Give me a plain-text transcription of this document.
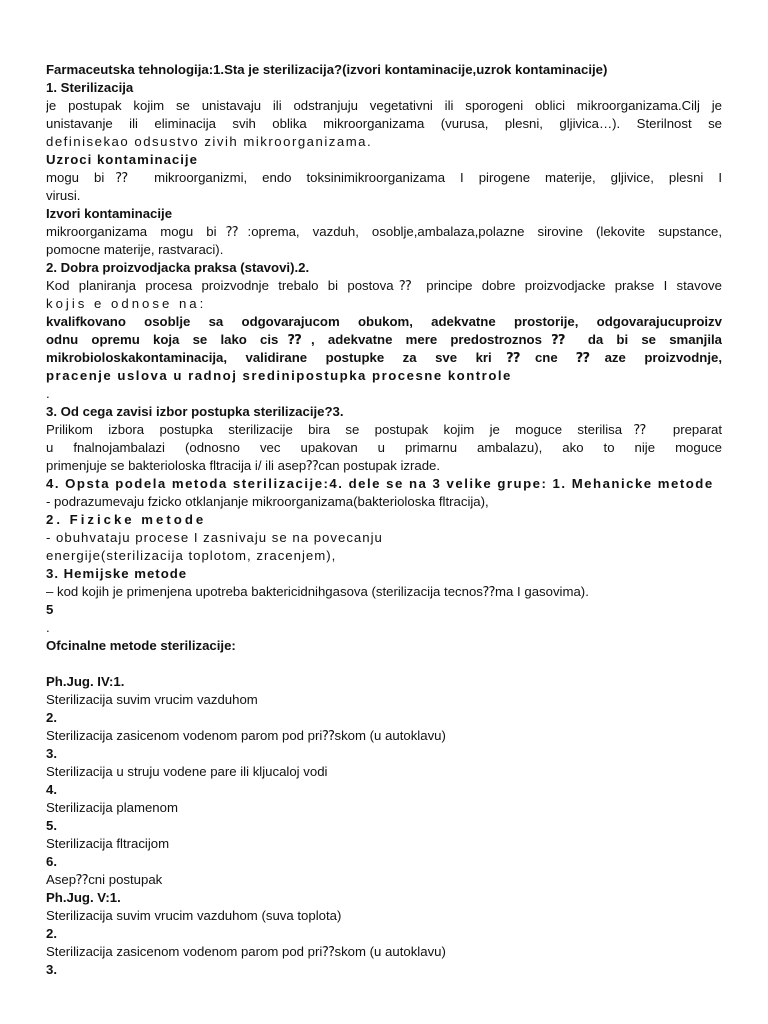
Farmaceutska tehnologija:1.Sta je sterilizacija?(izvori kontaminacije,uzrok kontaminacije)
1. Sterilizacija
je postupak kojim se unistavaju ili odstranjuju vegetativni ili sporogeni oblici mikroorganizama.Cilj je
unistavanje ili eliminacija svih oblika mikroorganizama (vurusa, plesni, gljivica…). Sterilnost se
definisekao odsustvo zivih mikroorganizama.
Uzroci kontaminacije
mogu bi⁇ mikroorganizmi, endo toksinimikroorganizama I pirogene materije, gljivice, plesni I
virusi.
Izvori kontaminacije
mikroorganizama mogu bi⁇:oprema, vazduh, osoblje,ambalaza,polazne sirovine (lekovite supstance,
pomocne materije, rastvaraci).
2. Dobra proizvodjacka praksa (stavovi).2.
Kod planiranja procesa proizvodnje trebalo bi postova⁇ principe dobre proizvodjacke prakse I stavove
kojis e odnose na:
kvalifkovano osoblje sa odgovarajucom obukom, adekvatne prostorije, odgovarajucuproizv
odnu opremu koja se lako cis⁇, adekvatne mere predostroznos⁇ da bi se smanjila
mikrobioloskakontaminacija, validirane postupke za sve kri⁇cne ⁇aze proizvodnje,
pracenje uslova u radnoj sredinipostupka procesne kontrole
.
3. Od cega zavisi izbor postupka sterilizacije?3.
Prilikom izbora postupka sterilizacije bira se postupak kojim je moguce sterilisa⁇ preparat
u fnalnojambalazi (odnosno vec upakovan u primarnu ambalazu), ako to nije moguce
primenjuje se bakterioloska fltracija i/ ili asep⁇can postupak izrade.
4. Opsta podela metoda sterilizacije:4. dele se na 3 velike grupe: 1. Mehanicke metode
- podrazumevaju fzicko otklanjanje mikroorganizama(bakterioloska fltracija),
2. Fizicke metode
- obuhvataju procese I zasnivaju se na povecanju
energije(sterilizacija toplotom, zracenjem),
3. Hemijske metode
– kod kojih je primenjena upotreba baktericidnihgasova (sterilizacija tecnos⁇ma I gasovima).
5
.
Ofcinalne metode sterilizacije:
Ph.Jug. IV:1.
Sterilizacija suvim vrucim vazduhom
2.
Sterilizacija zasicenom vodenom parom pod pri⁇skom (u autoklavu)
3.
Sterilizacija u struju vodene pare ili kljucaloj vodi
4.
Sterilizacija plamenom
5.
Sterilizacija fltracijom
6.
Asep⁇cni postupak
Ph.Jug. V:1.
Sterilizacija suvim vrucim vazduhom (suva toplota)
2.
Sterilizacija zasicenom vodenom parom pod pri⁇skom (u autoklavu)
3.
